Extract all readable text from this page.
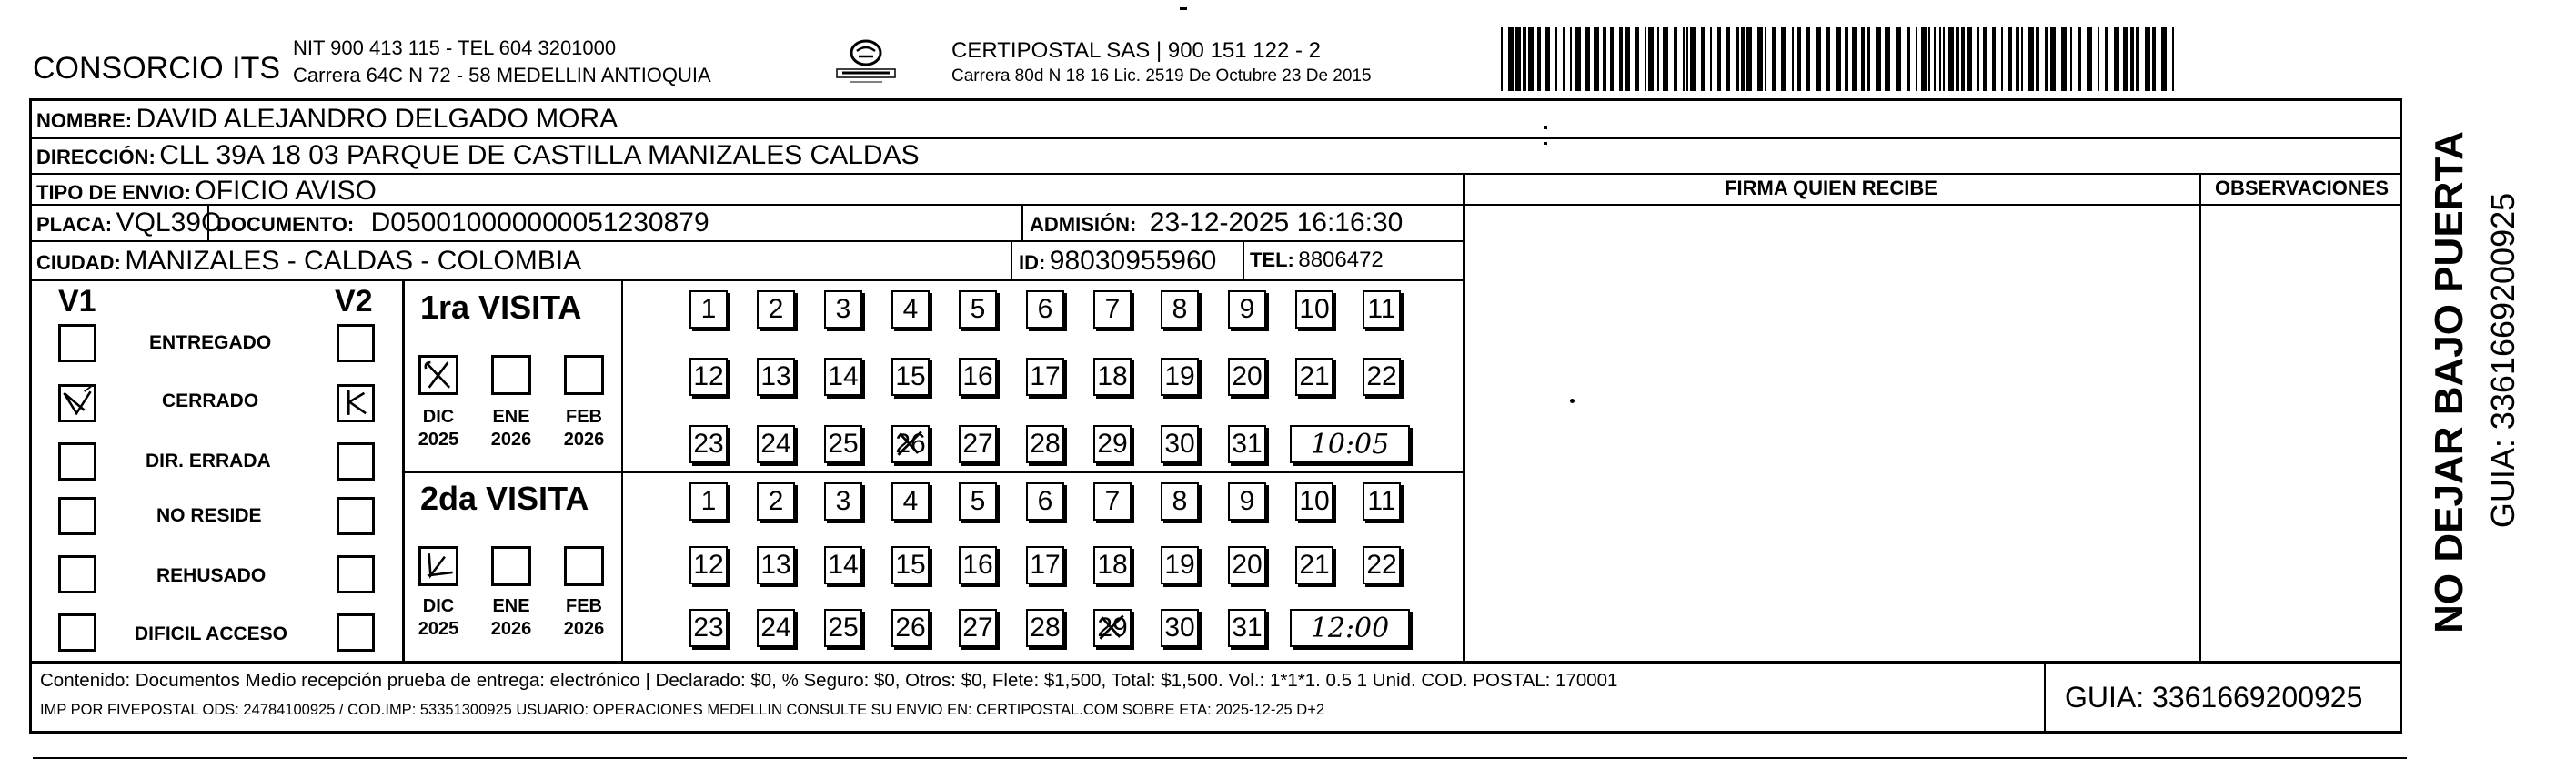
CONSORCIO ITS
NIT 900 413 115 - TEL 604 3201000
Carrera 64C N 72 - 58 MEDELLIN ANTIOQUIA
CERTIPOSTAL SAS | 900 151 122 - 2
Carrera 80d N 18 16 Lic. 2519 De Octubre 23 De 2015
NOMBRE: DAVID ALEJANDRO DELGADO MORA
DIRECCIÓN: CLL 39A 18 03 PARQUE DE CASTILLA MANIZALES CALDAS
TIPO DE ENVIO: OFICIO AVISO
PLACA: VQL39C
DOCUMENTO: D050010000000051230879	ADMISIÓN: 23-12-2025 16:16:30
CIUDAD: MANIZALES - CALDAS - COLOMBIA	ID: 98030955960 TEL: 8806472
FIRMA QUIEN RECIBE	OBSERVACIONES
V1	V2
ENTREGADO
CERRADO
DIR. ERRADA
NO RESIDE
REHUSADO
DIFICIL ACCESO
1ra VISITA
DIC
2025
ENE
2026
FEB
2026
2da VISITA
DIC
2025
ENE
2026
FEB
2026
1	2	3	4	5	6	7	8	9	10 11
12 13 14 15 16 17 18 19 20 21 22
23 24 25 26 27 28 29 30 31	10:05
1	2	3	4	5	6	7	8	9	10 11
12 13 14 15 16 17 18 19 20 21 22
23 24 25 26 27 28 29 30 31	12:00
Contenido: Documentos Medio recepción prueba de entrega: electrónico | Declarado: $0, % Seguro: $0, Otros: $0, Flete: $1,500, Total: $1,500. Vol.: 1*1*1. 0.5 1 Unid. COD. POSTAL: 170001
IMP POR FIVEPOSTAL ODS: 24784100925 / COD.IMP: 53351300925 USUARIO: OPERACIONES MEDELLIN CONSULTE SU ENVIO EN: CERTIPOSTAL.COM SOBRE ETA: 2025-12-25 D+2	GUIA: 3361669200925
NO DEJAR BAJO PUERTA GUIA: 3361669200925
